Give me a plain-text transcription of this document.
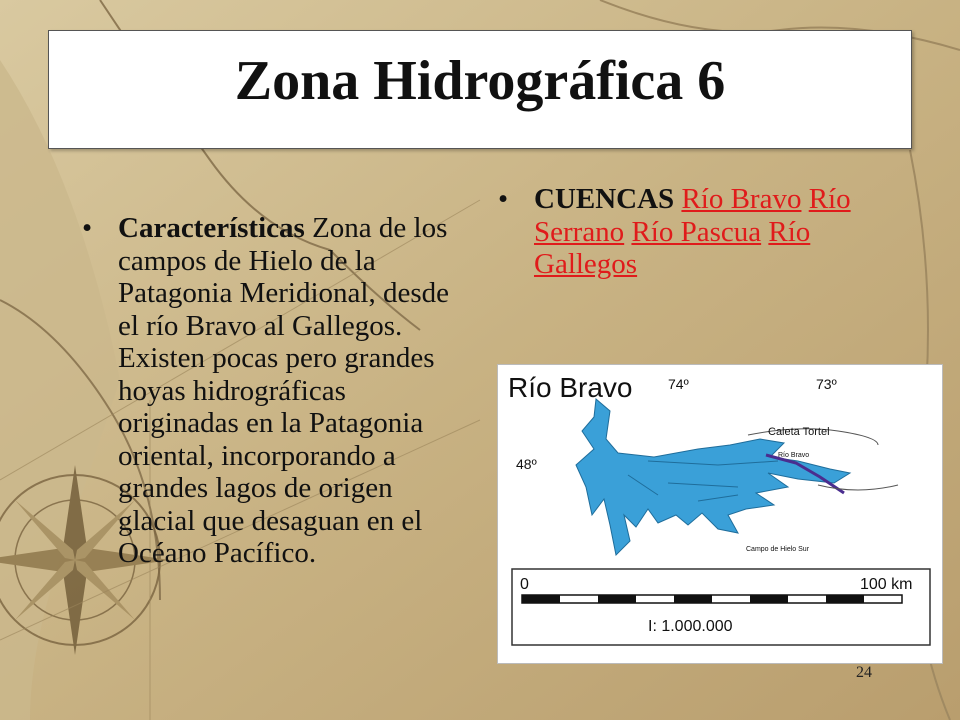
Zona Hidrográfica 6
• Características Zona de los campos de Hielo de la Patagonia Meridional, desde el río Bravo al Gallegos. Existen pocas pero grandes hoyas hidrográficas originadas en la Patagonia oriental, incorporando a grandes lagos de origen glacial que desaguan en el Océano Pacífico.
• CUENCAS Río Bravo Río Serrano Río Pascua Río Gallegos
Río Bravo	74º	73º
48º
Caleta Tortel
Río Bravo
Campo de Hielo Sur
0	100 km
I: 1.000.000
24
